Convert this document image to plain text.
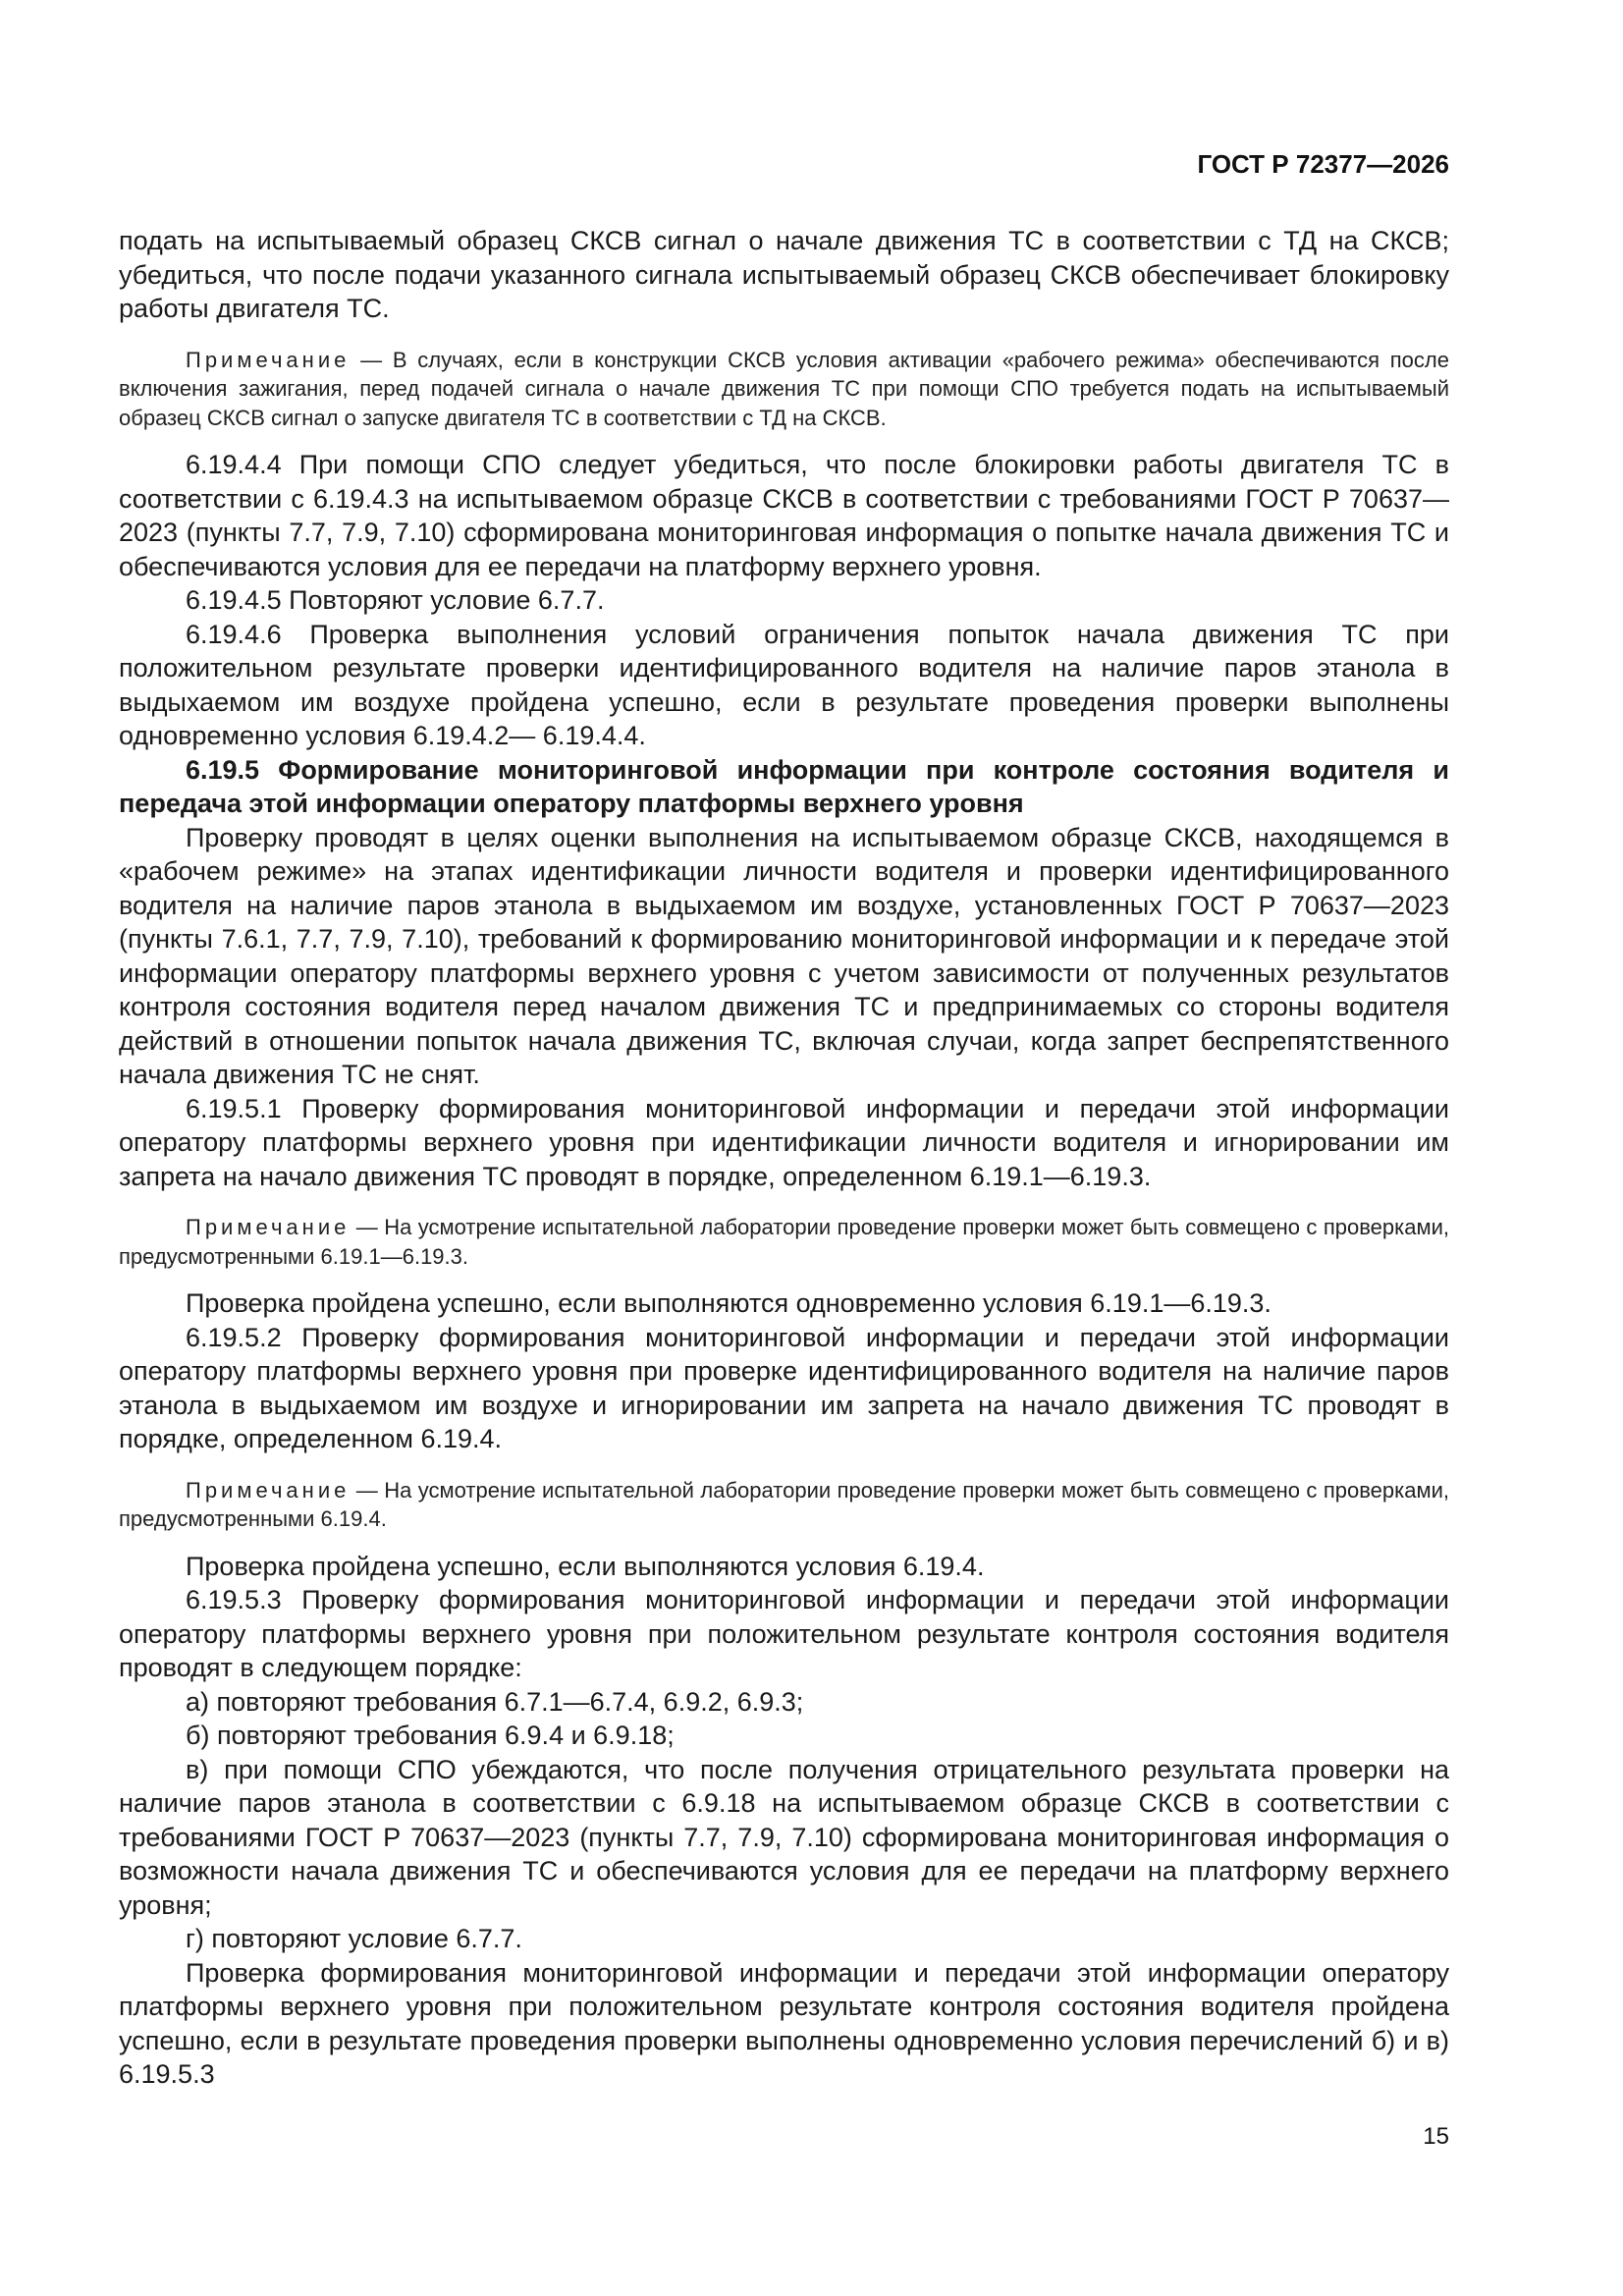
ГОСТ Р 72377—2026

подать на испытываемый образец СКСВ сигнал о начале движения ТС в соответствии с ТД на СКСВ; убедиться, что после подачи указанного сигнала испытываемый образец СКСВ обеспечивает блокировку работы двигателя ТС.

Примечание — В случаях, если в конструкции СКСВ условия активации «рабочего режима» обеспечиваются после включения зажигания, перед подачей сигнала о начале движения ТС при помощи СПО требуется подать на испытываемый образец СКСВ сигнал о запуске двигателя ТС в соответствии с ТД на СКСВ.

6.19.4.4 При помощи СПО следует убедиться, что после блокировки работы двигателя ТС в соответствии с 6.19.4.3 на испытываемом образце СКСВ в соответствии с требованиями ГОСТ Р 70637—2023 (пункты 7.7, 7.9, 7.10) сформирована мониторинговая информация о попытке начала движения ТС и обеспечиваются условия для ее передачи на платформу верхнего уровня.

6.19.4.5 Повторяют условие 6.7.7.

6.19.4.6 Проверка выполнения условий ограничения попыток начала движения ТС при положительном результате проверки идентифицированного водителя на наличие паров этанола в выдыхаемом им воздухе пройдена успешно, если в результате проведения проверки выполнены одновременно условия 6.19.4.2— 6.19.4.4.

6.19.5 Формирование мониторинговой информации при контроле состояния водителя и передача этой информации оператору платформы верхнего уровня

Проверку проводят в целях оценки выполнения на испытываемом образце СКСВ, находящемся в «рабочем режиме» на этапах идентификации личности водителя и проверки идентифицированного водителя на наличие паров этанола в выдыхаемом им воздухе, установленных ГОСТ Р 70637—2023 (пункты 7.6.1, 7.7, 7.9, 7.10), требований к формированию мониторинговой информации и к передаче этой информации оператору платформы верхнего уровня с учетом зависимости от полученных результатов контроля состояния водителя перед началом движения ТС и предпринимаемых со стороны водителя действий в отношении попыток начала движения ТС, включая случаи, когда запрет беспрепятственного начала движения ТС не снят.

6.19.5.1 Проверку формирования мониторинговой информации и передачи этой информации оператору платформы верхнего уровня при идентификации личности водителя и игнорировании им запрета на начало движения ТС проводят в порядке, определенном 6.19.1—6.19.3.

Примечание — На усмотрение испытательной лаборатории проведение проверки может быть совмещено с проверками, предусмотренными 6.19.1—6.19.3.

Проверка пройдена успешно, если выполняются одновременно условия 6.19.1—6.19.3.

6.19.5.2 Проверку формирования мониторинговой информации и передачи этой информации оператору платформы верхнего уровня при проверке идентифицированного водителя на наличие паров этанола в выдыхаемом им воздухе и игнорировании им запрета на начало движения ТС проводят в порядке, определенном 6.19.4.

Примечание — На усмотрение испытательной лаборатории проведение проверки может быть совмещено с проверками, предусмотренными 6.19.4.

Проверка пройдена успешно, если выполняются условия 6.19.4.

6.19.5.3 Проверку формирования мониторинговой информации и передачи этой информации оператору платформы верхнего уровня при положительном результате контроля состояния водителя проводят в следующем порядке:

а) повторяют требования 6.7.1—6.7.4, 6.9.2, 6.9.3;

б) повторяют требования 6.9.4 и 6.9.18;

в) при помощи СПО убеждаются, что после получения отрицательного результата проверки на наличие паров этанола в соответствии с 6.9.18 на испытываемом образце СКСВ в соответствии с требованиями ГОСТ Р 70637—2023 (пункты 7.7, 7.9, 7.10) сформирована мониторинговая информация о возможности начала движения ТС и обеспечиваются условия для ее передачи на платформу верхнего уровня;

г) повторяют условие 6.7.7.

Проверка формирования мониторинговой информации и передачи этой информации оператору платформы верхнего уровня при положительном результате контроля состояния водителя пройдена успешно, если в результате проведения проверки выполнены одновременно условия перечислений б) и в) 6.19.5.3

15
